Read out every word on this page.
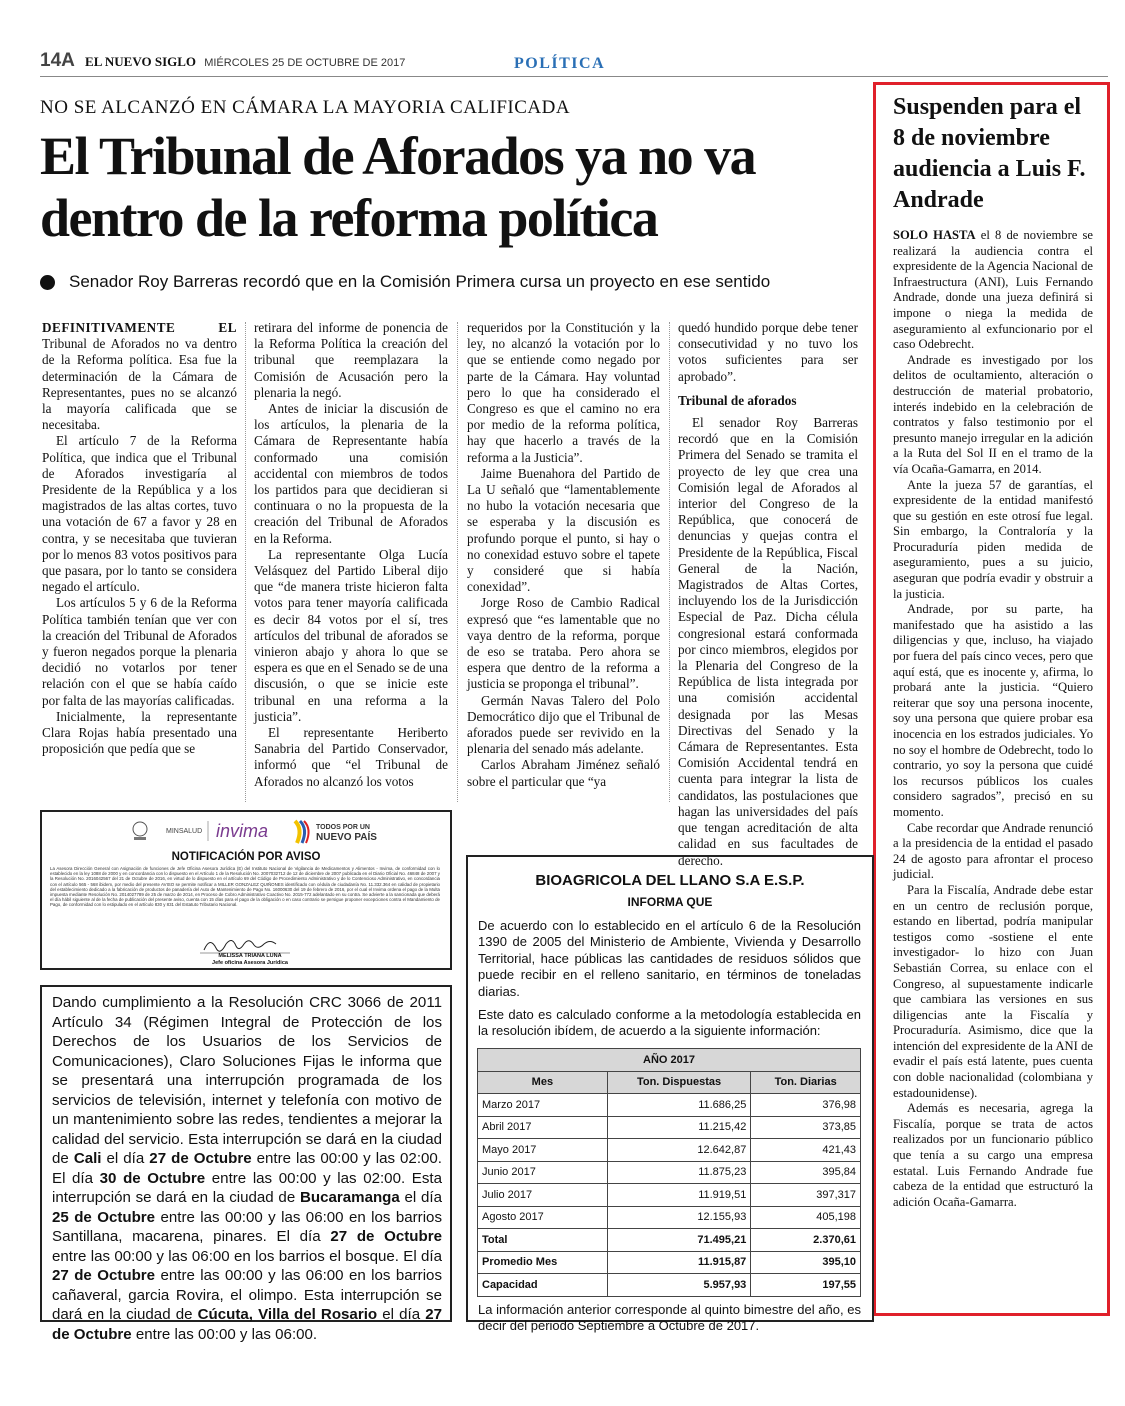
14A EL NUEVO SIGLO MIÉRCOLES 25 DE OCTUBRE DE 2017	POLÍTICA
NO SE ALCANZÓ EN CÁMARA LA MAYORIA CALIFICADA
El Tribunal de Aforados ya no va dentro de la reforma política
Senador Roy Barreras recordó que en la Comisión Primera cursa un proyecto en ese sentido

DEFINITIVAMENTE EL Tribunal de Aforados no va dentro de la Reforma política. Esa fue la determinación de la Cámara de Representantes, pues no se alcanzó la mayoría calificada que se necesitaba.

El artículo 7 de la Reforma Política, que indica que el Tribunal de Aforados investigaría al Presidente de la República y a los magistrados de las altas cortes, tuvo una votación de 67 a favor y 28 en contra, y se necesitaba que tuvieran por lo menos 83 votos positivos para que pasara, por lo tanto se considera negado el artículo.

Los artículos 5 y 6 de la Reforma Política también tenían que ver con la creación del Tribunal de Aforados y fueron negados porque la plenaria decidió no votarlos por tener relación con el que se había caído por falta de las mayorías calificadas.

Inicialmente, la representante Clara Rojas había presentado una proposición que pedía que se

retirara del informe de ponencia de la Reforma Política la creación del tribunal que reemplazara la Comisión de Acusación pero la plenaria la negó.

Antes de iniciar la discusión de los artículos, la plenaria de la Cámara de Representante había conformado una comisión accidental con miembros de todos los partidos para que decidieran si continuara o no la propuesta de la creación del Tribunal de Aforados en la Reforma.

La representante Olga Lucía Velásquez del Partido Liberal dijo que “de manera triste hicieron falta votos para tener mayoría calificada es decir 84 votos por el sí, tres artículos del tribunal de aforados se vinieron abajo y ahora lo que se espera es que en el Senado se de una discusión, o que se inicie este tribunal en una reforma a la justicia”.

El representante Heriberto Sanabria del Partido Conservador, informó que “el Tribunal de Aforados no alcanzó los votos

requeridos por la Constitución y la ley, no alcanzó la votación por lo que se entiende como negado por parte de la Cámara. Hay voluntad pero lo que ha considerado el Congreso es que el camino no era por medio de la reforma política, hay que hacerlo a través de la reforma a la Justicia”.

Jaime Buenahora del Partido de La U señaló que “lamentablemente no hubo la votación necesaria que se esperaba y la discusión es profundo porque el punto, si hay o no conexidad estuvo sobre el tapete y consideré que si había conexidad”.

Jorge Roso de Cambio Radical expresó que “es lamentable que no vaya dentro de la reforma, porque de eso se trataba. Pero ahora se espera que dentro de la reforma a justicia se proponga el tribunal”.

Germán Navas Talero del Polo Democrático dijo que el Tribunal de aforados puede ser revivido en la plenaria del senado más adelante.

Carlos Abraham Jiménez señaló sobre el particular que “ya

quedó hundido porque debe tener consecutividad y no tuvo los votos suficientes para ser aprobado”.

Tribunal de aforados

El senador Roy Barreras recordó que en la Comisión Primera del Senado se tramita el proyecto de ley que crea una Comisión legal de Aforados al interior del Congreso de la República, que conocerá de denuncias y quejas contra el Presidente de la República, Fiscal General de la Nación, Magistrados de Altas Cortes, incluyendo los de la Jurisdicción Especial de Paz. Dicha célula congresional estará conformada por cinco miembros, elegidos por la Plenaria del Congreso de la República de lista integrada por una comisión accidental designada por las Mesas Directivas del Senado y la Cámara de Representantes. Esta Comisión Accidental tendrá en cuenta para integrar la lista de candidatos, las postulaciones que hagan las universidades del país que tengan acreditación de alta calidad en sus facultades de derecho.

Suspenden para el 8 de noviembre audiencia a Luis F. Andrade

SOLO HASTA el 8 de noviembre se realizará la audiencia contra el expresidente de la Agencia Nacional de Infraestructura (ANI), Luis Fernando Andrade, donde una jueza definirá si impone o niega la medida de aseguramiento al exfuncionario por el caso Odebrecht.

Andrade es investigado por los delitos de ocultamiento, alteración o destrucción de material probatorio, interés indebido en la celebración de contratos y falso testimonio por el presunto manejo irregular en la adición a la Ruta del Sol II en el tramo de la vía Ocaña-Gamarra, en 2014.

Ante la jueza 57 de garantías, el expresidente de la entidad manifestó que su gestión en este otrosí fue legal. Sin embargo, la Contraloría y la Procuraduría piden medida de aseguramiento, pues a su juicio, aseguran que podría evadir y obstruir a la justicia.

Andrade, por su parte, ha manifestado que ha asistido a las diligencias y que, incluso, ha viajado por fuera del país cinco veces, pero que aquí está, que es inocente y, afirma, lo probará ante la justicia. “Quiero reiterar que soy una persona inocente, soy una persona que quiere probar esa inocencia en los estrados judiciales. Yo no soy el hombre de Odebrecht, todo lo contrario, yo soy la persona que cuidé los recursos públicos los cuales considero sagrados”, precisó en su momento.

Cabe recordar que Andrade renunció a la presidencia de la entidad el pasado 24 de agosto para afrontar el proceso judicial.

Para la Fiscalía, Andrade debe estar en un centro de reclusión porque, estando en libertad, podría manipular testigos como -sostiene el ente investigador- lo hizo con Juan Sebastián Correa, su enlace con el Congreso, al supuestamente indicarle que cambiara las versiones en sus diligencias ante la Fiscalía y Procuraduría. Asimismo, dice que la intención del expresidente de la ANI de evadir el país está latente, pues cuenta con doble nacionalidad (colombiana y estadounidense).

Además es necesaria, agrega la Fiscalía, porque se trata de actos realizados por un funcionario público que tenía a su cargo una empresa estatal. Luis Fernando Andrade fue cabeza de la entidad que estructuró la adición Ocaña-Gamarra.

MINSALUD invima	TODOS POR UN
NUEVO PAÍS
NOTIFICACIÓN POR AVISO
La Asesora Dirección General con Asignación de funciones de Jefe Oficina Asesora Jurídica (E) del Instituto Nacional de Vigilancia de Medicamentos y Alimentos - Invima, de conformidad con lo establecido en la ley 1088 de 2000 y en concordancia con lo dispuesto en el Artículo 1 de la Resolución No. 2007032712 de 12 de diciembre de 2007 publicada en el Diario Oficial No. 46848 de 2007 y la Resolución No. 2016042567 del 21 de Octubre de 2016, en virtud de lo dispuesto en el artículo 69 del Código de Procedimiento Administrativo y de lo Contencioso Administrativo, en concordancia con el artículo 565 - 568 ibidem, por medio del presente AVISO se permite notificar a MILLER GONZALEZ QUIÑONES identificado con cédula de ciudadanía No. 11.332.364 en calidad de propietario del establecimiento dedicado a la fabricación de productos de panadería del Auto de Mantenimiento de Pago No. 16000630 del 19 de febrero de 2016, por el cual el Invima ordena el pago de la Multa impuesta mediante Resolución No. 2014027789 de 25 de marzo de 2014, en Proceso de Cobro Administrativo Coactivo No. 2015-772 adelantado en su contra. Se advierte a la sancionada que deberá el día hábil siguiente al de la fecha de publicación del presente aviso, cuenta con 15 días para el pago de la obligación o en caso contrario se persigue proponer excepciones contra el Mandamiento de Pago, de conformidad con lo estipulado en el artículo 830 y 831 del Estatuto Tributario Nacional.
MELISSA TRIANA LUNA
Jefe oficina Asesora Jurídica
Dando cumplimiento a la Resolución CRC 3066 de 2011 Artículo 34 (Régimen Integral de Protección de los Derechos de los Usuarios de los Servicios de Comunicaciones), Claro Soluciones Fijas le informa que se presentará una interrupción programada de los servicios de televisión, internet y telefonía con motivo de un mantenimiento sobre las redes, tendientes a mejorar la calidad del servicio. Esta interrupción se dará en la ciudad de Cali el día 27 de Octubre entre las 00:00 y las 02:00. El día 30 de Octubre entre las 00:00 y las 02:00. Esta interrupción se dará en la ciudad de Bucaramanga el día 25 de Octubre entre las 00:00 y las 06:00 en los barrios Santillana, macarena, pinares. El día 27 de Octubre entre las 00:00 y las 06:00 en los barrios el bosque. El día 27 de Octubre entre las 00:00 y las 06:00 en los barrios cañaveral, garcia Rovira, el olimpo. Esta interrupción se dará en la ciudad de Cúcuta, Villa del Rosario el día 27 de Octubre entre las 00:00 y las 06:00.
BIOAGRICOLA DEL LLANO S.A E.S.P.
INFORMA QUE
De acuerdo con lo establecido en el artículo 6 de la Resolución 1390 de 2005 del Ministerio de Ambiente, Vivienda y Desarrollo Territorial, hace públicas las cantidades de residuos sólidos que puede recibir en el relleno sanitario, en términos de toneladas diarias.
Este dato es calculado conforme a la metodología establecida en la resolución ibídem, de acuerdo a la siguiente información:
AÑO 2017		
Mes	Ton. Dispuestas	Ton. Diarias
Marzo 2017	11.686,25	376,98
Abril 2017	11.215,42	373,85
Mayo 2017	12.642,87	421,43
Junio 2017	11.875,23	395,84
Julio 2017	11.919,51	397,317
Agosto 2017	12.155,93	405,198
Total	71.495,21	2.370,61
Promedio Mes	11.915,87	395,10
Capacidad	5.957,93	197,55
La información anterior corresponde al quinto bimestre del año, es decir del periodo Septiembre a Octubre de 2017.
